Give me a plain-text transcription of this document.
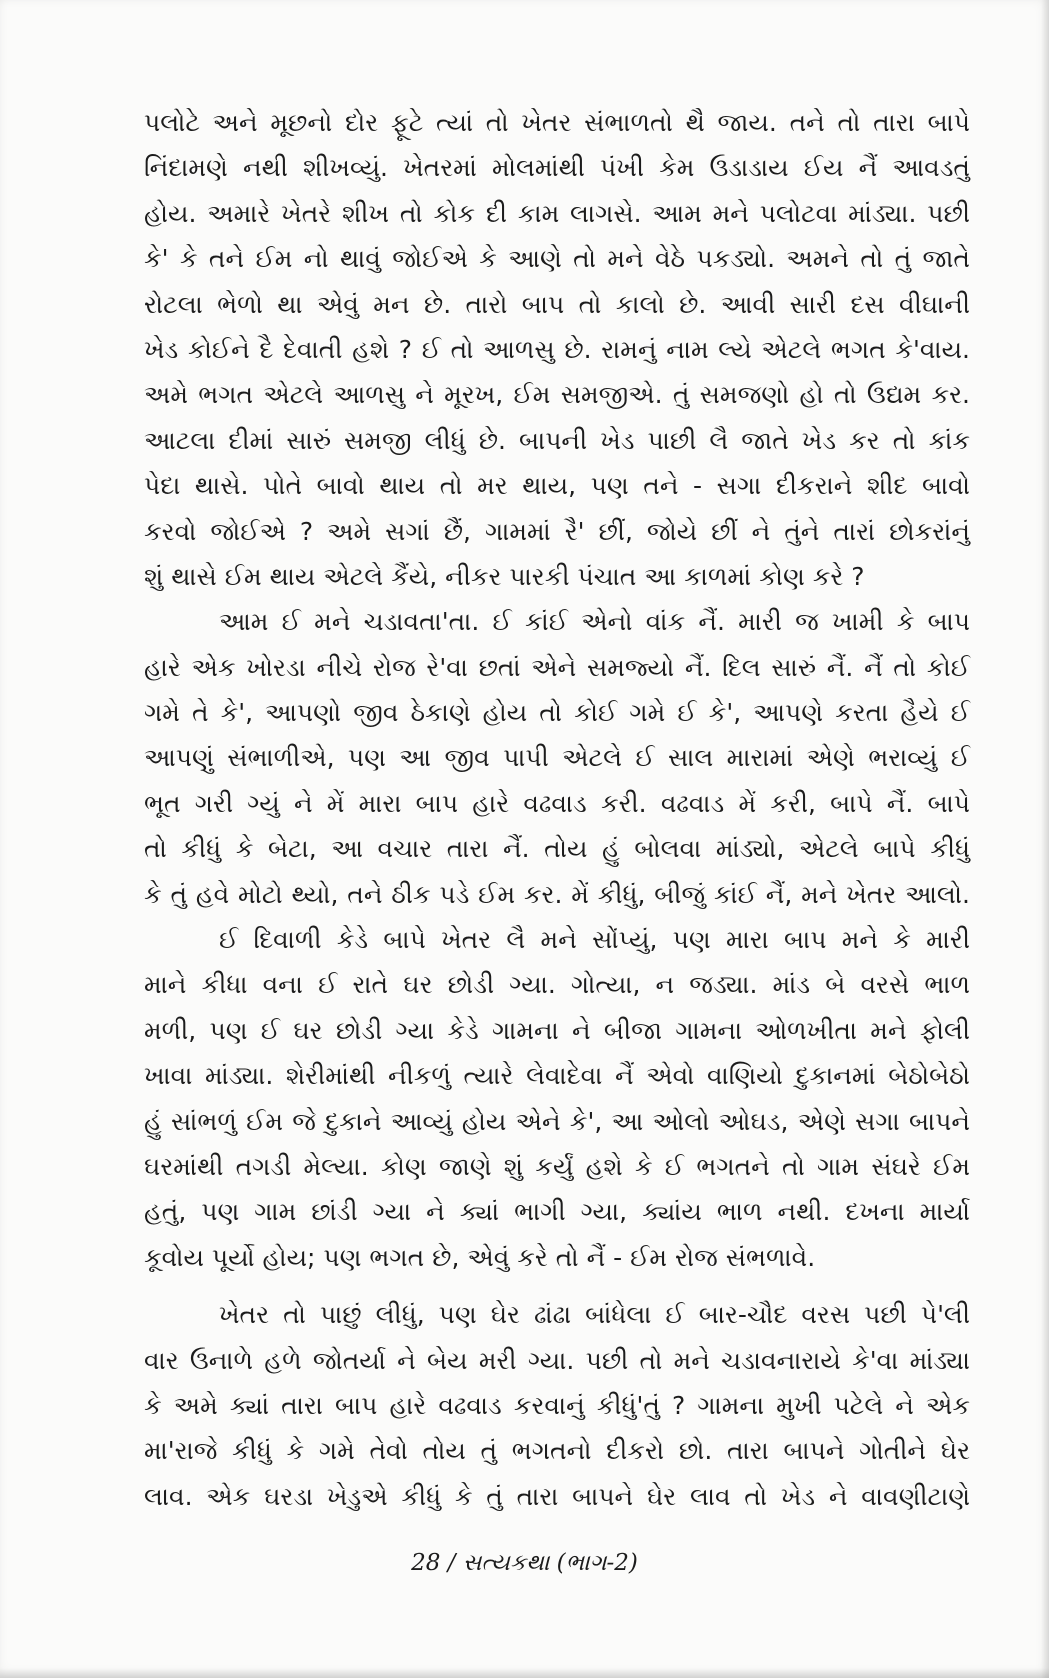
પલોટે અને મૂછનો દોર ફૂટે ત્યાં તો ખેતર સંભાળતો થૈ જાય. તને તો તારા બાપે
નિંદામણે નથી શીખવ્યું. ખેતરમાં મોલમાંથી પંખી કેમ ઉડાડાય ઈય નૈં આવડતું
હોય. અમારે ખેતરે શીખ તો કોક દી કામ લાગસે. આમ મને પલોટવા માંડ્યા. પછી
કે' કે તને ઈમ નો થાવું જોઈએ કે આણે તો મને વેઠે પકડ્યો. અમને તો તું જાતે
રોટલા ભેળો થા એવું મન છે. તારો બાપ તો કાલો છે. આવી સારી દસ વીઘાની
ખેડ કોઈને દૈ દેવાતી હશે ? ઈ તો આળસુ છે. રામનું નામ લ્યે એટલે ભગત કે'વાય.
અમે ભગત એટલે આળસુ ને મૂરખ, ઈમ સમજીએ. તું સમજણો હો તો ઉદ્યમ કર.
આટલા દીમાં સારું સમજી લીધું છે. બાપની ખેડ પાછી લૈ જાતે ખેડ કર તો કાંક
પેદા થાસે. પોતે બાવો થાય તો મર થાય, પણ તને - સગા દીકરાને શીદ બાવો
કરવો જોઈએ ? અમે સગાં છૈં, ગામમાં રૈ' છીં, જોયે છીં ને તુંને તારાં છોકરાંનું
શું થાસે ઈમ થાય એટલે કૈંયે, નીકર પારકી પંચાત આ કાળમાં કોણ કરે ?
આમ ઈ મને ચડાવતા'તા. ઈ કાંઈ એનો વાંક નૈં. મારી જ ખામી કે બાપ
હારે એક ખોરડા નીચે રોજ રે'વા છતાં એને સમજ્યો નૈં. દિલ સારું નૈં. નૈં તો કોઈ
ગમે તે કે', આપણો જીવ ઠેકાણે હોય તો કોઈ ગમે ઈ કે', આપણે કરતા હૈયે ઈ
આપણું સંભાળીએ, પણ આ જીવ પાપી એટલે ઈ સાલ મારામાં એણે ભરાવ્યું ઈ
ભૂત ગરી ગ્યું ને મેં મારા બાપ હારે વઢવાડ કરી. વઢવાડ મેં કરી, બાપે નૈં. બાપે
તો કીધું કે બેટા, આ વચાર તારા નૈં. તોય હું બોલવા માંડ્યો, એટલે બાપે કીધું
કે તું હવે મોટો થ્યો, તને ઠીક પડે ઈમ કર. મેં કીધું, બીજું કાંઈ નૈં, મને ખેતર આલો.
ઈ દિવાળી કેડે બાપે ખેતર લૈ મને સોંપ્યું, પણ મારા બાપ મને કે મારી
માને કીધા વના ઈ રાતે ઘર છોડી ગ્યા. ગોત્યા, ન જડ્યા. માંડ બે વરસે ભાળ
મળી, પણ ઈ ઘર છોડી ગ્યા કેડે ગામના ને બીજા ગામના ઓળખીતા મને ફોલી
ખાવા માંડ્યા. શેરીમાંથી નીકળું ત્યારે લેવાદેવા નૈં એવો વાણિયો દુકાનમાં બેઠોબેઠો
હું સાંભળું ઈમ જે દુકાને આવ્યું હોય એને કે', આ ઓલો ઓઘડ, એણે સગા બાપને
ઘરમાંથી તગડી મેલ્યા. કોણ જાણે શું કર્યું હશે કે ઈ ભગતને તો ગામ સંઘરે ઈમ
હતું, પણ ગામ છાંડી ગ્યા ને ક્યાં ભાગી ગ્યા, ક્યાંય ભાળ નથી. દખના માર્યા
કૂવોય પૂર્યો હોય; પણ ભગત છે, એવું કરે તો નૈં - ઈમ રોજ સંભળાવે.
ખેતર તો પાછું લીધું, પણ ઘેર ઢાંઢા બાંધેલા ઈ બાર-ચૌદ વરસ પછી પે'લી
વાર ઉનાળે હળે જોતર્યા ને બેય મરી ગ્યા. પછી તો મને ચડાવનારાયે કે'વા માંડ્યા
કે અમે ક્યાં તારા બાપ હારે વઢવાડ કરવાનું કીધું'તું ? ગામના મુખી પટેલે ને એક
મા'રાજે કીધું કે ગમે તેવો તોય તું ભગતનો દીકરો છો. તારા બાપને ગોતીને ઘેર
લાવ. એક ઘરડા ખેડુએ કીધું કે તું તારા બાપને ઘેર લાવ તો ખેડ ને વાવણીટાણે
28 / સત્યકથા (ભાગ-2)
